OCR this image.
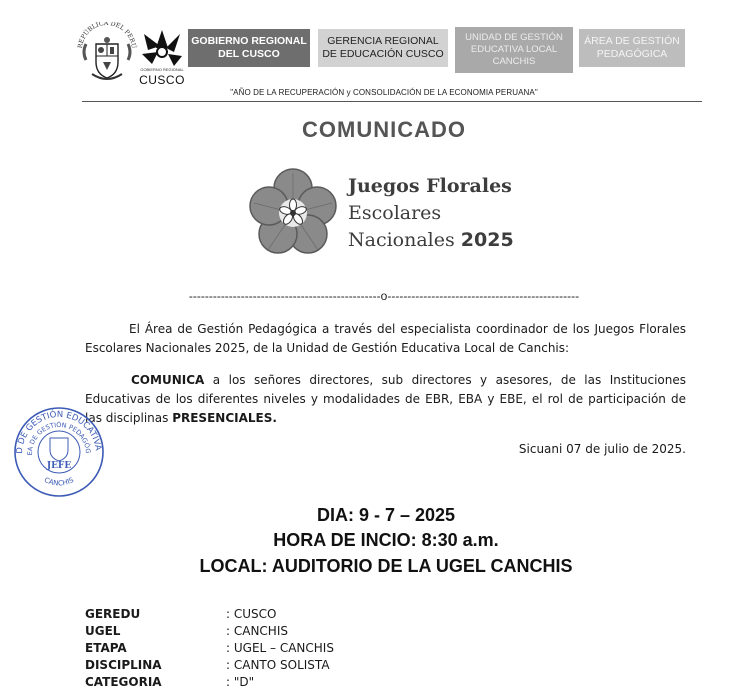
REPÚBLICA DEL PERÚ
GOBIERNO REGIONAL
CUSCO
GOBIERNO REGIONAL
DEL CUSCO
GERENCIA REGIONAL
DE EDUCACIÓN CUSCO
UNIDAD DE GESTIÓN
EDUCATIVA LOCAL
CANCHIS
ÁREA DE GESTIÓN
PEDAGÓGICA
"AÑO DE LA RECUPERACIÓN y CONSOLIDACIÓN DE LA ECONOMIA PERUANA"
COMUNICADO
Juegos Florales
Escolares
Nacionales 2025
------------------------------------------------o------------------------------------------------
El Área de Gestión Pedagógica a través del especialista coordinador de los Juegos Florales Escolares Nacionales 2025, de la Unidad de Gestión Educativa Local de Canchis:
COMUNICA a los señores directores, sub directores y asesores, de las Instituciones Educativas de los diferentes niveles y modalidades de EBR, EBA y EBE, el rol de participación de las disciplinas PRESENCIALES.
Sicuani 07 de julio de 2025.
D DE GESTIÓN EDUCATIVA
EA DE GESTIÓN PEDAGÓG
CANCHIS
JEFE
DIA: 9 - 7 – 2025
HORA DE INCIO: 8:30 a.m.
LOCAL: AUDITORIO DE LA UGEL CANCHIS
GEREDU	: CUSCO
UGEL	: CANCHIS
ETAPA	: UGEL – CANCHIS
DISCIPLINA	: CANTO SOLISTA
CATEGORIA	: "D"
